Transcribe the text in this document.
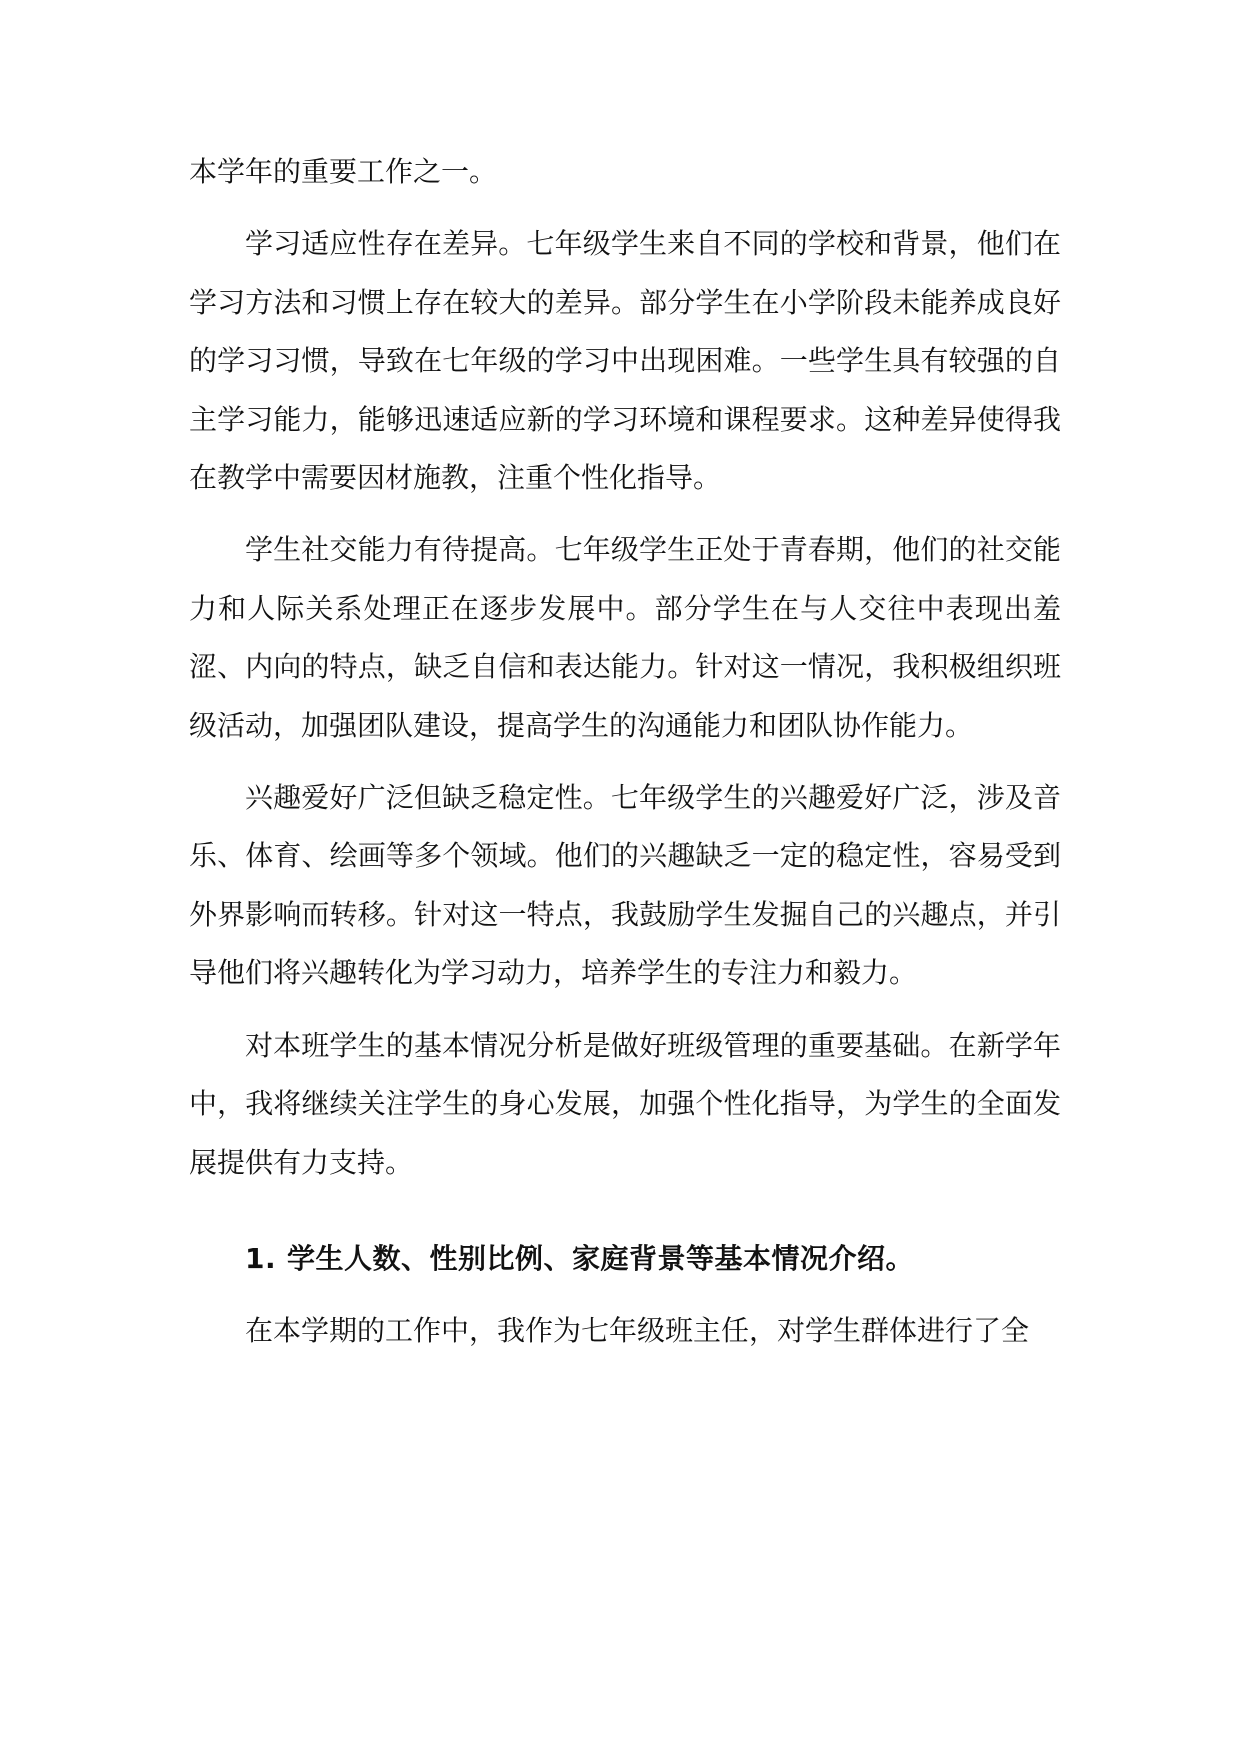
本学年的重要工作之一。

学习适应性存在差异。七年级学生来自不同的学校和背景，他们在学习方法和习惯上存在较大的差异。部分学生在小学阶段未能养成良好的学习习惯，导致在七年级的学习中出现困难。一些学生具有较强的自主学习能力，能够迅速适应新的学习环境和课程要求。这种差异使得我在教学中需要因材施教，注重个性化指导。

学生社交能力有待提高。七年级学生正处于青春期，他们的社交能力和人际关系处理正在逐步发展中。部分学生在与人交往中表现出羞涩、内向的特点，缺乏自信和表达能力。针对这一情况，我积极组织班级活动，加强团队建设，提高学生的沟通能力和团队协作能力。

兴趣爱好广泛但缺乏稳定性。七年级学生的兴趣爱好广泛，涉及音乐、体育、绘画等多个领域。他们的兴趣缺乏一定的稳定性，容易受到外界影响而转移。针对这一特点，我鼓励学生发掘自己的兴趣点，并引导他们将兴趣转化为学习动力，培养学生的专注力和毅力。

对本班学生的基本情况分析是做好班级管理的重要基础。在新学年中，我将继续关注学生的身心发展，加强个性化指导，为学生的全面发展提供有力支持。

1. 学生人数、性别比例、家庭背景等基本情况介绍。

在本学期的工作中，我作为七年级班主任，对学生群体进行了全
